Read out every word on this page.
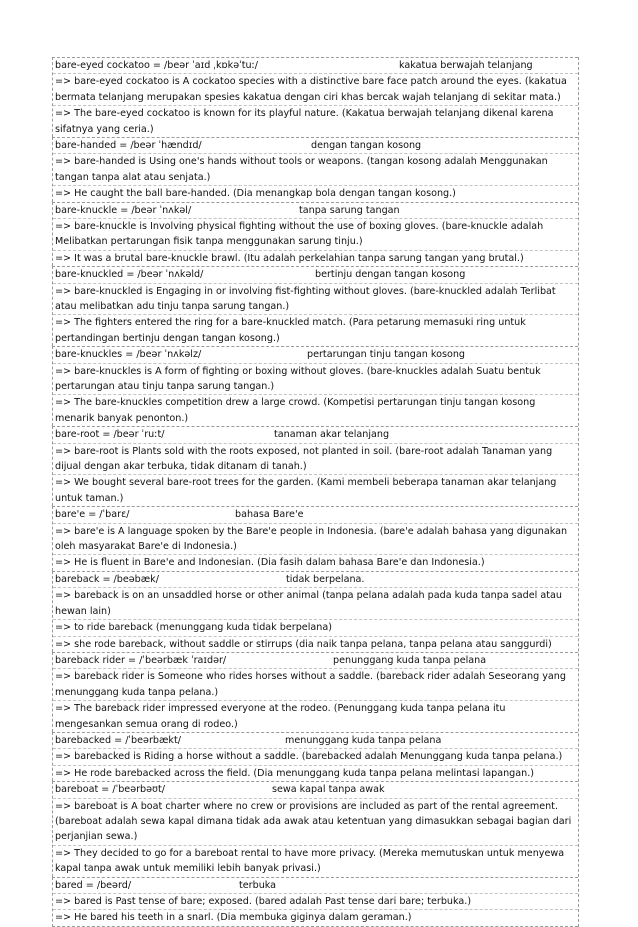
bare-eyed cockatoo = /beər ˈaɪd ˌkɒkəˈtuː/	kakatua berwajah telanjang
=> bare-eyed cockatoo is A cockatoo species with a distinctive bare face patch around the eyes. (kakatua bermata telanjang merupakan spesies kakatua dengan ciri khas bercak wajah telanjang di sekitar mata.)
=> The bare-eyed cockatoo is known for its playful nature. (Kakatua berwajah telanjang dikenal karena sifatnya yang ceria.)
bare-handed = /beər ˈhændɪd/	dengan tangan kosong
=> bare-handed is Using one's hands without tools or weapons. (tangan kosong adalah Menggunakan tangan tanpa alat atau senjata.)
=> He caught the ball bare-handed. (Dia menangkap bola dengan tangan kosong.)
bare-knuckle = /beər ˈnʌkəl/	tanpa sarung tangan
=> bare-knuckle is Involving physical fighting without the use of boxing gloves. (bare-knuckle adalah Melibatkan pertarungan fisik tanpa menggunakan sarung tinju.)
=> It was a brutal bare-knuckle brawl. (Itu adalah perkelahian tanpa sarung tangan yang brutal.)
bare-knuckled = /beər ˈnʌkəld/	bertinju dengan tangan kosong
=> bare-knuckled is Engaging in or involving fist-fighting without gloves. (bare-knuckled adalah Terlibat atau melibatkan adu tinju tanpa sarung tangan.)
=> The fighters entered the ring for a bare-knuckled match. (Para petarung memasuki ring untuk pertandingan bertinju dengan tangan kosong.)
bare-knuckles = /beər ˈnʌkəlz/	pertarungan tinju tangan kosong
=> bare-knuckles is A form of fighting or boxing without gloves. (bare-knuckles adalah Suatu bentuk pertarungan atau tinju tanpa sarung tangan.)
=> The bare-knuckles competition drew a large crowd. (Kompetisi pertarungan tinju tangan kosong menarik banyak penonton.)
bare-root = /beər ˈruːt/	tanaman akar telanjang
=> bare-root is Plants sold with the roots exposed, not planted in soil. (bare-root adalah Tanaman yang dijual dengan akar terbuka, tidak ditanam di tanah.)
=> We bought several bare-root trees for the garden. (Kami membeli beberapa tanaman akar telanjang untuk taman.)
bare'e = /ˈbarɛ/	bahasa Bare'e
=> bare'e is A language spoken by the Bare'e people in Indonesia. (bare'e adalah bahasa yang digunakan oleh masyarakat Bare'e di Indonesia.)
=> He is fluent in Bare'e and Indonesian. (Dia fasih dalam bahasa Bare'e dan Indonesia.)
bareback = /beəbæk/	tidak berpelana.
=> bareback is on an unsaddled horse or other animal (tanpa pelana adalah pada kuda tanpa sadel atau hewan lain)
=> to ride bareback (menunggang kuda tidak berpelana)
=> she rode bareback, without saddle or stirrups (dia naik tanpa pelana, tanpa pelana atau sanggurdi)
bareback rider = /ˈbeərbæk ˈraɪdər/	penunggang kuda tanpa pelana
=> bareback rider is Someone who rides horses without a saddle. (bareback rider adalah Seseorang yang menunggang kuda tanpa pelana.)
=> The bareback rider impressed everyone at the rodeo. (Penunggang kuda tanpa pelana itu mengesankan semua orang di rodeo.)
barebacked = /ˈbeərbækt/	menunggang kuda tanpa pelana
=> barebacked is Riding a horse without a saddle. (barebacked adalah Menunggang kuda tanpa pelana.)
=> He rode barebacked across the field. (Dia menunggang kuda tanpa pelana melintasi lapangan.)
bareboat = /ˈbeərbəʊt/	sewa kapal tanpa awak
=> bareboat is A boat charter where no crew or provisions are included as part of the rental agreement. (bareboat adalah sewa kapal dimana tidak ada awak atau ketentuan yang dimasukkan sebagai bagian dari perjanjian sewa.)
=> They decided to go for a bareboat rental to have more privacy. (Mereka memutuskan untuk menyewa kapal tanpa awak untuk memiliki lebih banyak privasi.)
bared = /beərd/	terbuka
=> bared is Past tense of bare; exposed. (bared adalah Past tense dari bare; terbuka.)
=> He bared his teeth in a snarl. (Dia membuka giginya dalam geraman.)
